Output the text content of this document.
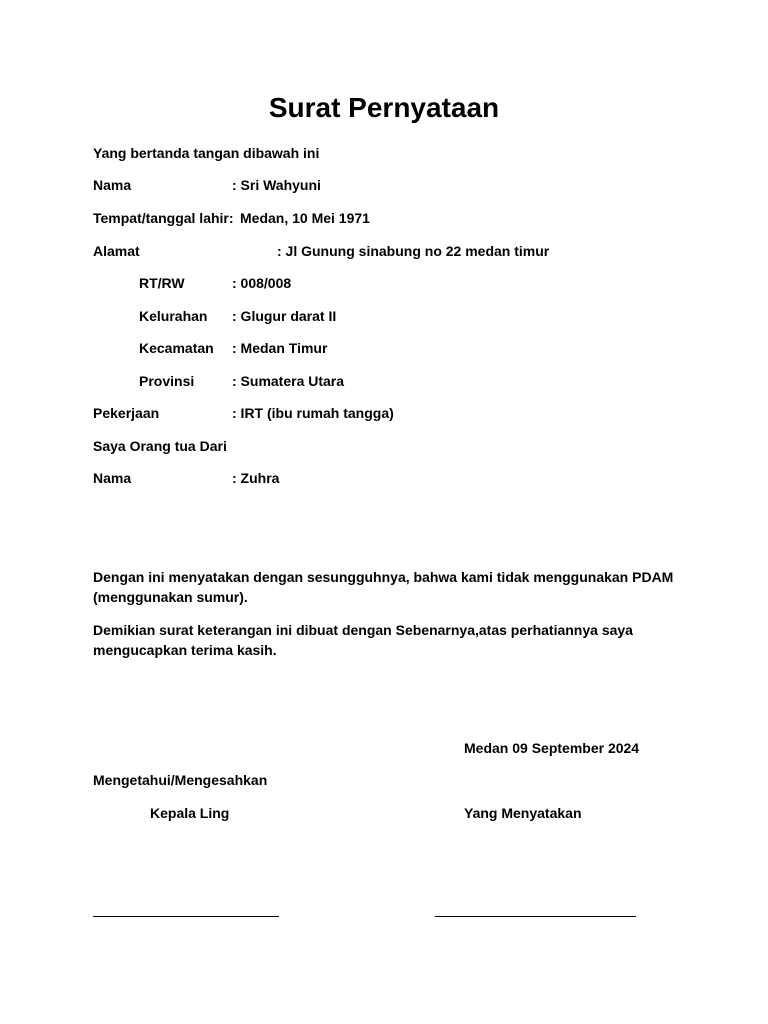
Surat Pernyataan
Yang bertanda tangan dibawah ini
Nama	: Sri Wahyuni
Tempat/tanggal lahir: Medan, 10 Mei 1971
Alamat	: Jl Gunung sinabung no 22 medan timur
RT/RW	: 008/008
Kelurahan : Glugur darat II
Kecamatan : Medan Timur
Provinsi	: Sumatera Utara
Pekerjaan	: IRT (ibu rumah tangga)
Saya Orang tua Dari
Nama	: Zuhra
Dengan ini menyatakan dengan sesungguhnya, bahwa kami tidak menggunakan PDAM (menggunakan sumur).
Demikian surat keterangan ini dibuat dengan Sebenarnya,atas perhatiannya saya mengucapkan terima kasih.
Medan 09 September 2024
Mengetahui/Mengesahkan
Kepala Ling	Yang Menyatakan
